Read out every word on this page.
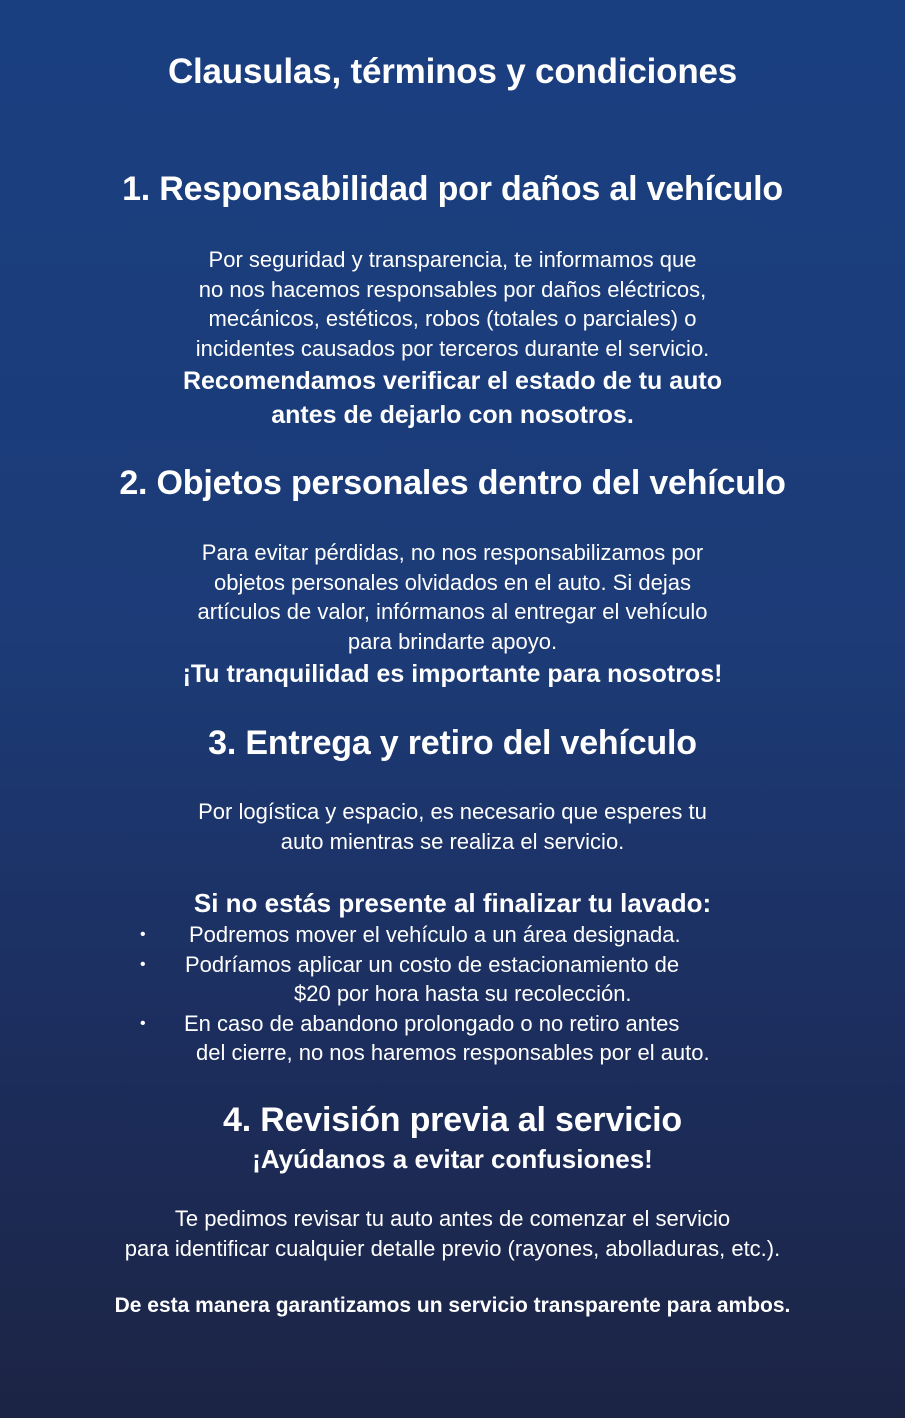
Clausulas, términos y condiciones
1. Responsabilidad por daños al vehículo
Por seguridad y transparencia, te informamos que
no nos hacemos responsables por daños eléctricos,
mecánicos, estéticos, robos (totales o parciales) o
incidentes causados por terceros durante el servicio.
Recomendamos verificar el estado de tu auto
antes de dejarlo con nosotros.
2. Objetos personales dentro del vehículo
Para evitar pérdidas, no nos responsabilizamos por
objetos personales olvidados en el auto. Si dejas
artículos de valor, infórmanos al entregar el vehículo
para brindarte apoyo.
¡Tu tranquilidad es importante para nosotros!
3. Entrega y retiro del vehículo
Por logística y espacio, es necesario que esperes tu
auto mientras se realiza el servicio.
Si no estás presente al finalizar tu lavado:
• Podremos mover el vehículo a un área designada.
• Podríamos aplicar un costo de estacionamiento de
$20 por hora hasta su recolección.
• En caso de abandono prolongado o no retiro antes
del cierre, no nos haremos responsables por el auto.
4. Revisión previa al servicio
¡Ayúdanos a evitar confusiones!
Te pedimos revisar tu auto antes de comenzar el servicio
para identificar cualquier detalle previo (rayones, abolladuras, etc.).
De esta manera garantizamos un servicio transparente para ambos.
